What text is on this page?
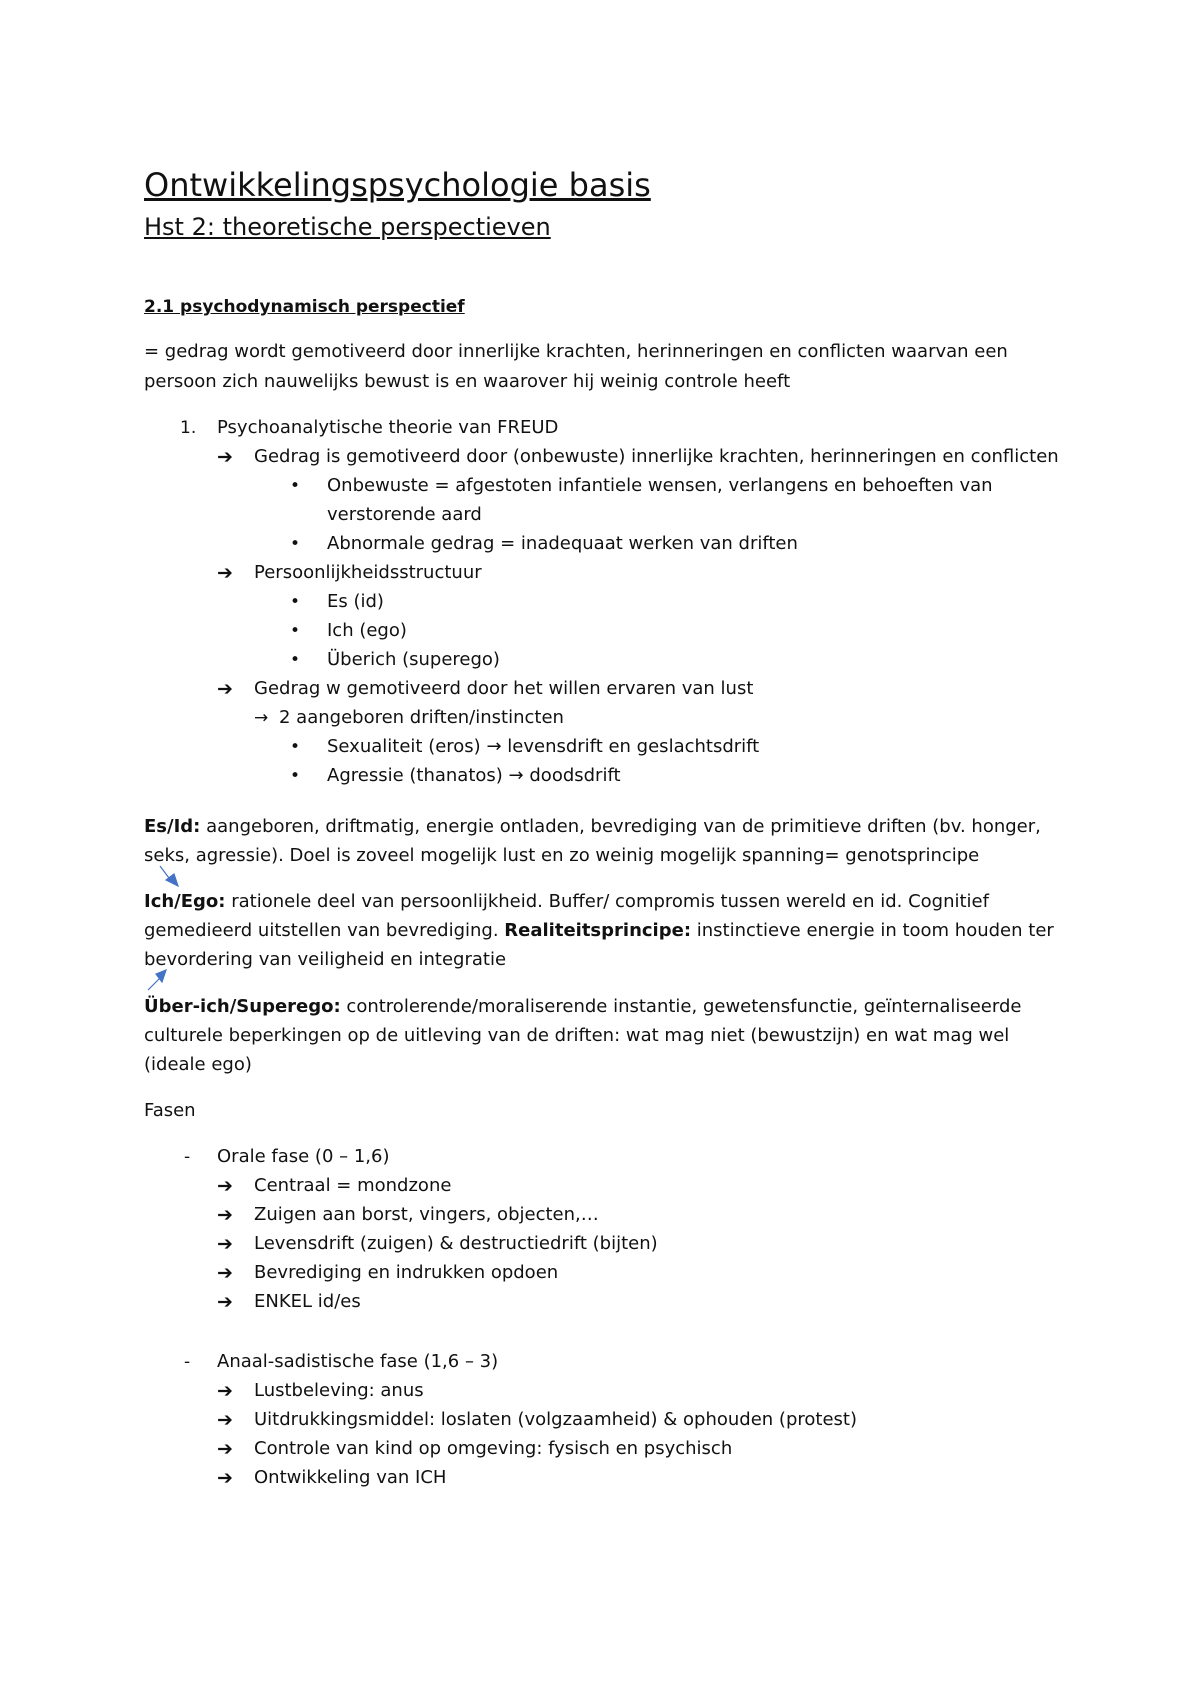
Ontwikkelingspsychologie basis
Hst 2: theoretische perspectieven
2.1 psychodynamisch perspectief
= gedrag wordt gemotiveerd door innerlijke krachten, herinneringen en conflicten waarvan een
persoon zich nauwelijks bewust is en waarover hij weinig controle heeft
1. Psychoanalytische theorie van FREUD
➔ Gedrag is gemotiveerd door (onbewuste) innerlijke krachten, herinneringen en conflicten
• Onbewuste = afgestoten infantiele wensen, verlangens en behoeften van
verstorende aard
• Abnormale gedrag = inadequaat werken van driften
➔ Persoonlijkheidsstructuur
• Es (id)
• Ich (ego)
• Überich (superego)
➔ Gedrag w gemotiveerd door het willen ervaren van lust
→ 2 aangeboren driften/instincten
• Sexualiteit (eros) → levensdrift en geslachtsdrift
• Agressie (thanatos) → doodsdrift
Es/Id: aangeboren, driftmatig, energie ontladen, bevrediging van de primitieve driften (bv. honger,
seks, agressie). Doel is zoveel mogelijk lust en zo weinig mogelijk spanning= genotsprincipe
Ich/Ego: rationele deel van persoonlijkheid. Buffer/ compromis tussen wereld en id. Cognitief
gemedieerd uitstellen van bevrediging. Realiteitsprincipe: instinctieve energie in toom houden ter
bevordering van veiligheid en integratie
Über-ich/Superego: controlerende/moraliserende instantie, gewetensfunctie, geïnternaliseerde
culturele beperkingen op de uitleving van de driften: wat mag niet (bewustzijn) en wat mag wel
(ideale ego)
Fasen
- Orale fase (0 – 1,6)
➔ Centraal = mondzone
➔ Zuigen aan borst, vingers, objecten,…
➔ Levensdrift (zuigen) & destructiedrift (bijten)
➔ Bevrediging en indrukken opdoen
➔ ENKEL id/es
- Anaal-sadistische fase (1,6 – 3)
➔ Lustbeleving: anus
➔ Uitdrukkingsmiddel: loslaten (volgzaamheid) & ophouden (protest)
➔ Controle van kind op omgeving: fysisch en psychisch
➔ Ontwikkeling van ICH
